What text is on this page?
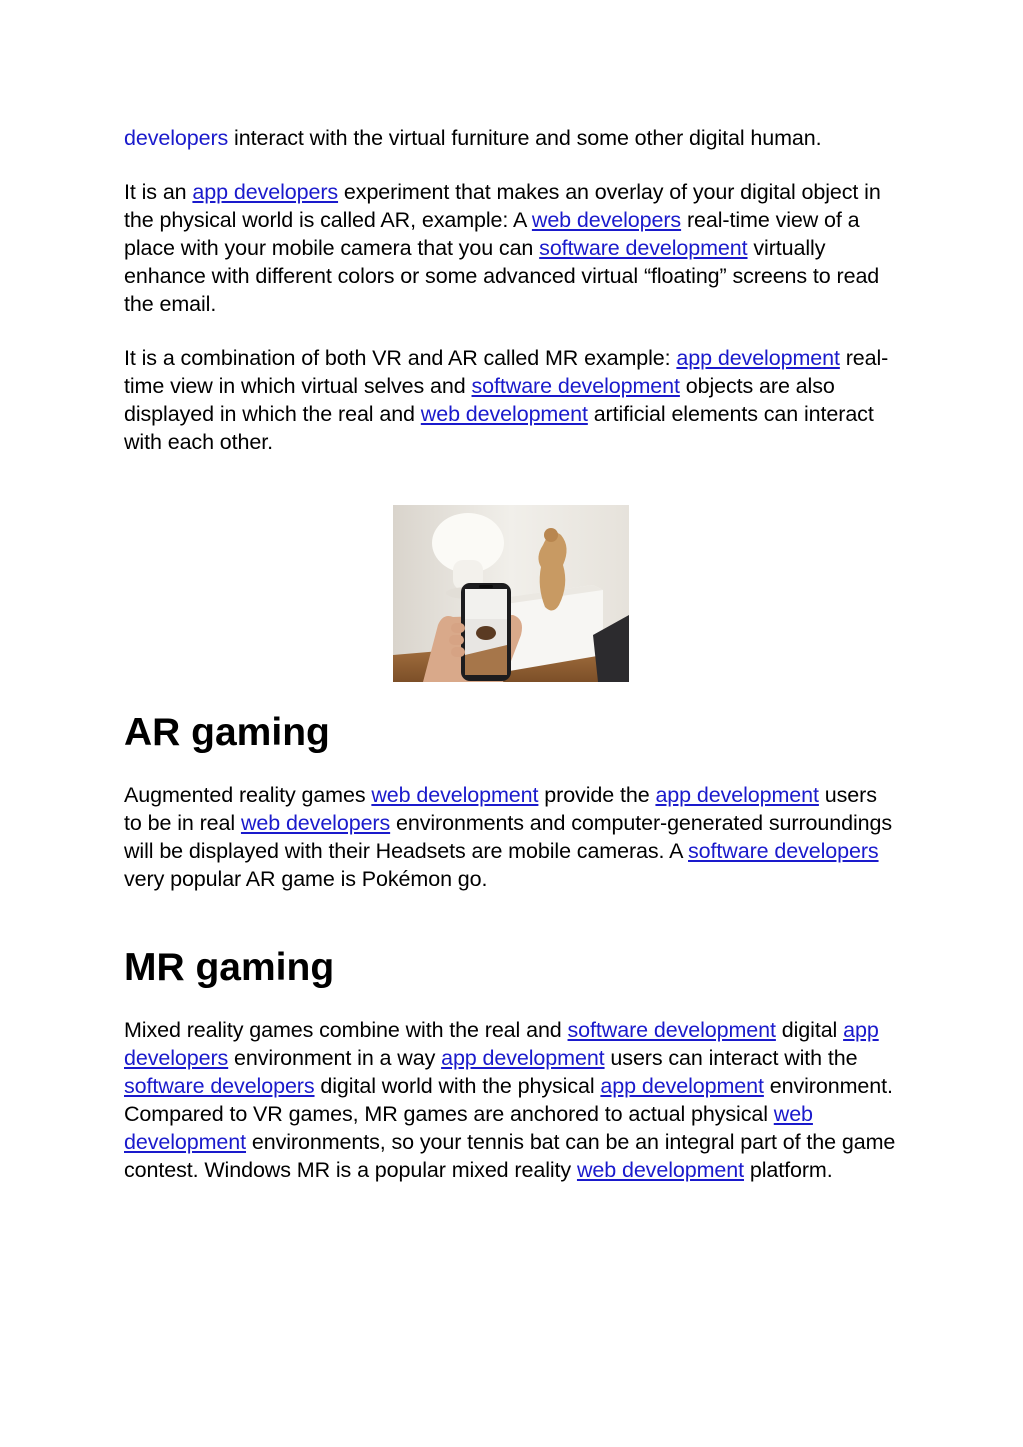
developers interact with the virtual furniture and some other digital human.

It is an app developers experiment that makes an overlay of your digital object in the physical world is called AR, example: A web developers real-time view of a place with your mobile camera that you can software development virtually enhance with different colors or some advanced virtual “floating” screens to read the email.

It is a combination of both VR and AR called MR example: app development real-time view in which virtual selves and software development objects are also displayed in which the real and web development artificial elements can interact with each other.

AR gaming

Augmented reality games web development provide the app development users to be in real web developers environments and computer-generated surroundings will be displayed with their Headsets are mobile cameras. A software developers very popular AR game is Pokémon go.

MR gaming

Mixed reality games combine with the real and software development digital app developers environment in a way app development users can interact with the software developers digital world with the physical app development environment. Compared to VR games, MR games are anchored to actual physical web development environments, so your tennis bat can be an integral part of the game contest. Windows MR is a popular mixed reality web development platform.
